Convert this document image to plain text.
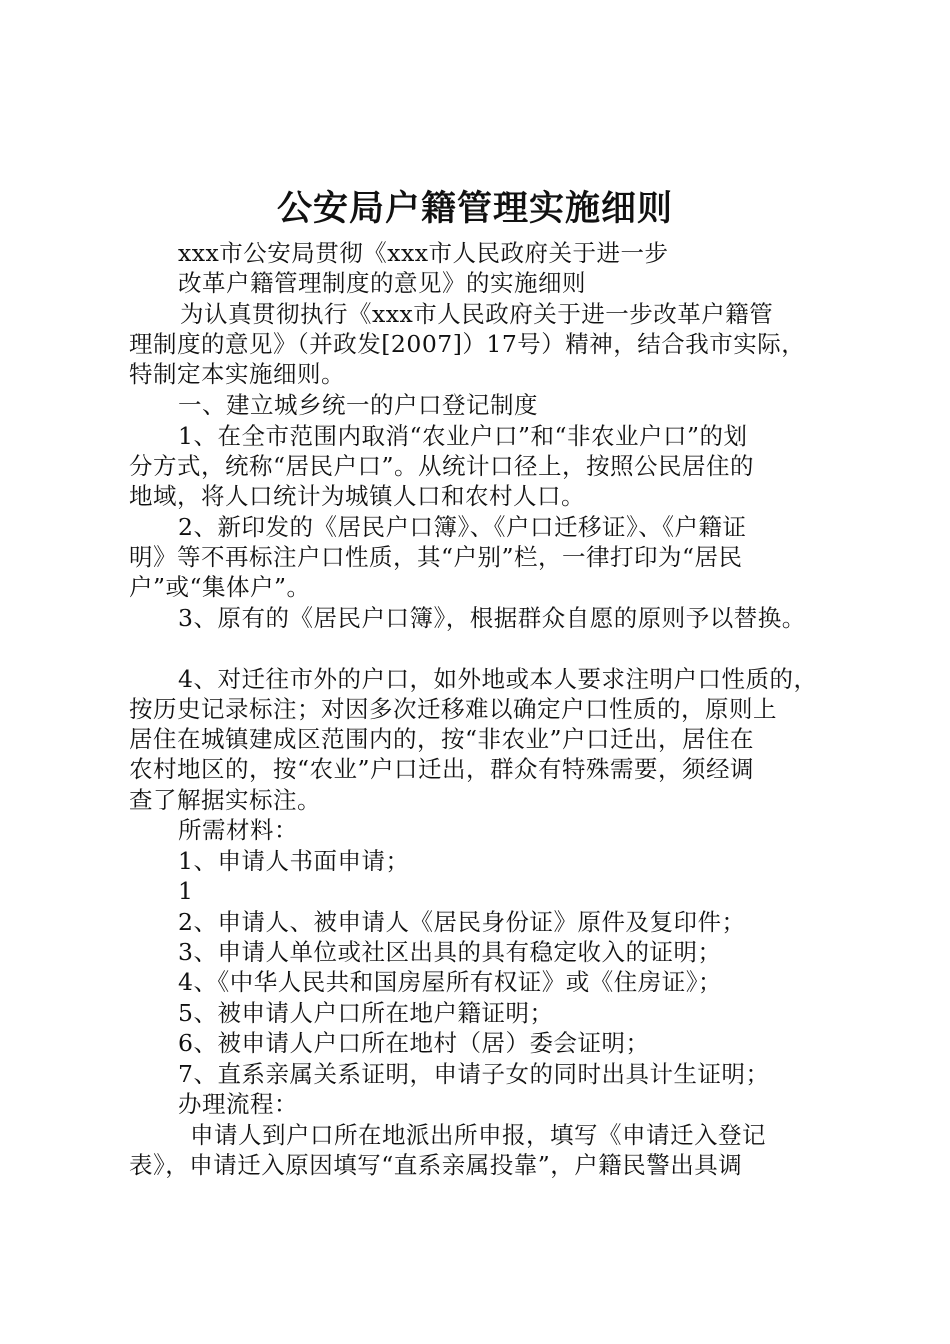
公安局户籍管理实施细则
xxx市公安局贯彻《xxx市人民政府关于进一步
改革户籍管理制度的意见》的实施细则
为认真贯彻执行《xxx市人民政府关于进一步改革户籍管
理制度的意见》（并政发[2007]）17号）精神，结合我市实际，
特制定本实施细则。
一、建立城乡统一的户口登记制度
1、在全市范围内取消“农业户口”和“非农业户口”的划
分方式，统称“居民户口”。从统计口径上，按照公民居住的
地域，将人口统计为城镇人口和农村人口。
2、新印发的《居民户口簿》、《户口迁移证》、《户籍证
明》等不再标注户口性质，其“户别”栏，一律打印为“居民
户”或“集体户”。
3、原有的《居民户口簿》，根据群众自愿的原则予以替换。
4、对迁往市外的户口，如外地或本人要求注明户口性质的，
按历史记录标注；对因多次迁移难以确定户口性质的，原则上
居住在城镇建成区范围内的，按“非农业”户口迁出，居住在
农村地区的，按“农业”户口迁出，群众有特殊需要，须经调
查了解据实标注。
所需材料：
1、申请人书面申请；
1
2、申请人、被申请人《居民身份证》原件及复印件；
3、申请人单位或社区出具的具有稳定收入的证明；
4、《中华人民共和国房屋所有权证》或《住房证》；
5、被申请人户口所在地户籍证明；
6、被申请人户口所在地村（居）委会证明；
7、直系亲属关系证明，申请子女的同时出具计生证明；
办理流程：
申请人到户口所在地派出所申报，填写《申请迁入登记
表》，申请迁入原因填写“直系亲属投靠”，户籍民警出具调
